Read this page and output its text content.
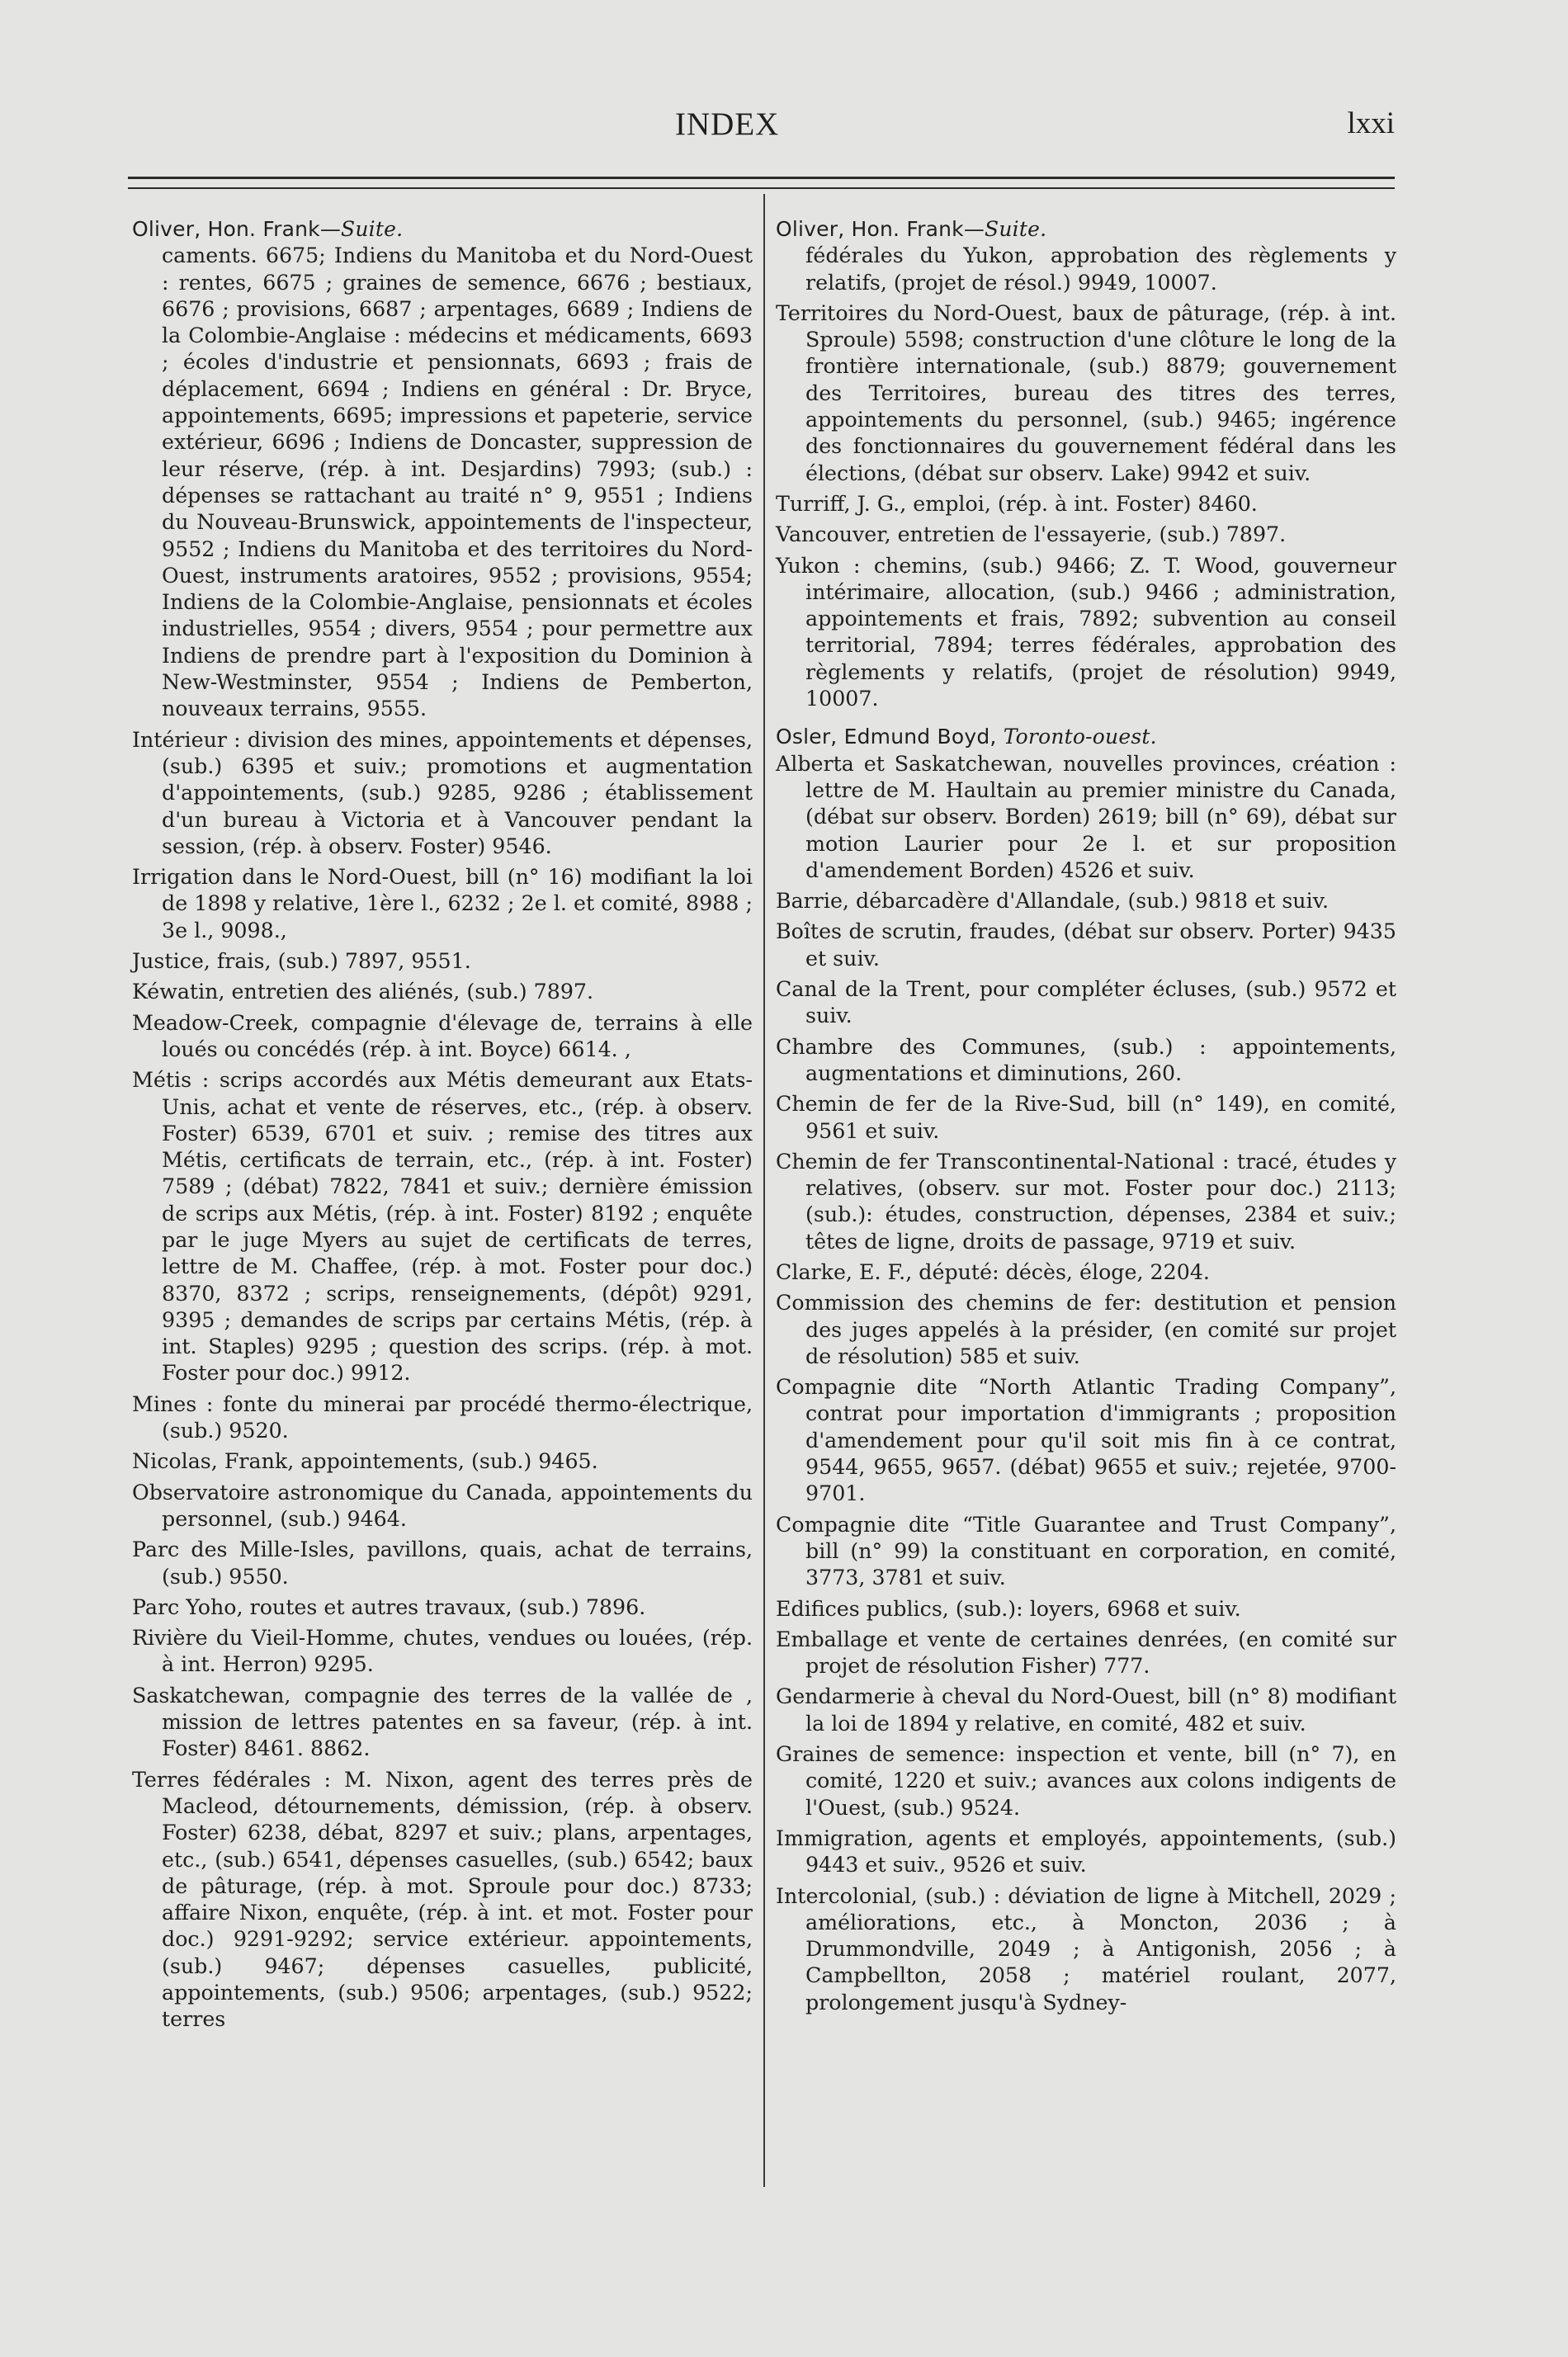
INDEX	lxxi
Oliver, Hon. Frank—Suite.

caments. 6675; Indiens du Manitoba et du Nord-Ouest : rentes, 6675 ; graines de semence, 6676 ; bestiaux, 6676 ; provisions, 6687 ; arpentages, 6689 ; Indiens de la Colombie-Anglaise : médecins et médicaments, 6693 ; écoles d'industrie et pensionnats, 6693 ; frais de déplacement, 6694 ; Indiens en général : Dr. Bryce, appointements, 6695; impressions et papeterie, service extérieur, 6696 ; Indiens de Doncaster, suppression de leur réserve, (rép. à int. Desjardins) 7993; (sub.) : dépenses se rattachant au traité n° 9, 9551 ; Indiens du Nouveau-Brunswick, appointements de l'inspecteur, 9552 ; Indiens du Manitoba et des territoires du Nord-Ouest, instruments aratoires, 9552 ; provisions, 9554; Indiens de la Colombie-Anglaise, pensionnats et écoles industrielles, 9554 ; divers, 9554 ; pour permettre aux Indiens de prendre part à l'exposition du Dominion à New-Westminster, 9554 ; Indiens de Pemberton, nouveaux terrains, 9555.

Intérieur : division des mines, appointements et dépenses, (sub.) 6395 et suiv.; promotions et augmentation d'appointements, (sub.) 9285, 9286 ; établissement d'un bureau à Victoria et à Vancouver pendant la session, (rép. à observ. Foster) 9546.

Irrigation dans le Nord-Ouest, bill (n° 16) modifiant la loi de 1898 y relative, 1ère l., 6232 ; 2e l. et comité, 8988 ; 3e l., 9098.,

Justice, frais, (sub.) 7897, 9551.

Kéwatin, entretien des aliénés, (sub.) 7897.

Meadow-Creek, compagnie d'élevage de, terrains à elle loués ou concédés (rép. à int. Boyce) 6614. ,

Métis : scrips accordés aux Métis demeurant aux Etats-Unis, achat et vente de réserves, etc., (rép. à observ. Foster) 6539, 6701 et suiv. ; remise des titres aux Métis, certificats de terrain, etc., (rép. à int. Foster) 7589 ; (débat) 7822, 7841 et suiv.; dernière émission de scrips aux Métis, (rép. à int. Foster) 8192 ; enquête par le juge Myers au sujet de certificats de terres, lettre de M. Chaffee, (rép. à mot. Foster pour doc.) 8370, 8372 ; scrips, renseignements, (dépôt) 9291, 9395 ; demandes de scrips par certains Métis, (rép. à int. Staples) 9295 ; question des scrips. (rép. à mot. Foster pour doc.) 9912.

Mines : fonte du minerai par procédé thermo-électrique, (sub.) 9520.

Nicolas, Frank, appointements, (sub.) 9465.

Observatoire astronomique du Canada, appointements du personnel, (sub.) 9464.

Parc des Mille-Isles, pavillons, quais, achat de terrains, (sub.) 9550.

Parc Yoho, routes et autres travaux, (sub.) 7896.

Rivière du Vieil-Homme, chutes, vendues ou louées, (rép. à int. Herron) 9295.

Saskatchewan, compagnie des terres de la vallée de , mission de lettres patentes en sa faveur, (rép. à int. Foster) 8461. 8862.

Terres fédérales : M. Nixon, agent des terres près de Macleod, détournements, démission, (rép. à observ. Foster) 6238, débat, 8297 et suiv.; plans, arpentages, etc., (sub.) 6541, dépenses casuelles, (sub.) 6542; baux de pâturage, (rép. à mot. Sproule pour doc.) 8733; affaire Nixon, enquête, (rép. à int. et mot. Foster pour doc.) 9291-9292; service extérieur. appointements, (sub.) 9467; dépenses casuelles, publicité, appointements, (sub.) 9506; arpentages, (sub.) 9522; terres

Oliver, Hon. Frank—Suite.

fédérales du Yukon, approbation des règlements y relatifs, (projet de résol.) 9949, 10007.

Territoires du Nord-Ouest, baux de pâturage, (rép. à int. Sproule) 5598; construction d'une clôture le long de la frontière internationale, (sub.) 8879; gouvernement des Territoires, bureau des titres des terres, appointements du personnel, (sub.) 9465; ingérence des fonctionnaires du gouvernement fédéral dans les élections, (débat sur observ. Lake) 9942 et suiv.

Turriff, J. G., emploi, (rép. à int. Foster) 8460.

Vancouver, entretien de l'essayerie, (sub.) 7897.

Yukon : chemins, (sub.) 9466; Z. T. Wood, gouverneur intérimaire, allocation, (sub.) 9466 ; administration, appointements et frais, 7892; subvention au conseil territorial, 7894; terres fédérales, approbation des règlements y relatifs, (projet de résolution) 9949, 10007.

Osler, Edmund Boyd, Toronto-ouest.

Alberta et Saskatchewan, nouvelles provinces, création : lettre de M. Haultain au premier ministre du Canada, (débat sur observ. Borden) 2619; bill (n° 69), débat sur motion Laurier pour 2e l. et sur proposition d'amendement Borden) 4526 et suiv.

Barrie, débarcadère d'Allandale, (sub.) 9818 et suiv.

Boîtes de scrutin, fraudes, (débat sur observ. Porter) 9435 et suiv.

Canal de la Trent, pour compléter écluses, (sub.) 9572 et suiv.

Chambre des Communes, (sub.) : appointements, augmentations et diminutions, 260.

Chemin de fer de la Rive-Sud, bill (n° 149), en comité, 9561 et suiv.

Chemin de fer Transcontinental-National : tracé, études y relatives, (observ. sur mot. Foster pour doc.) 2113; (sub.): études, construction, dépenses, 2384 et suiv.; têtes de ligne, droits de passage, 9719 et suiv.

Clarke, E. F., député: décès, éloge, 2204.

Commission des chemins de fer: destitution et pension des juges appelés à la présider, (en comité sur projet de résolution) 585 et suiv.

Compagnie dite “North Atlantic Trading Company”, contrat pour importation d'immigrants ; proposition d'amendement pour qu'il soit mis fin à ce contrat, 9544, 9655, 9657. (débat) 9655 et suiv.; rejetée, 9700-9701.

Compagnie dite “Title Guarantee and Trust Company”, bill (n° 99) la constituant en corporation, en comité, 3773, 3781 et suiv.

Edifices publics, (sub.): loyers, 6968 et suiv.

Emballage et vente de certaines denrées, (en comité sur projet de résolution Fisher) 777.

Gendarmerie à cheval du Nord-Ouest, bill (n° 8) modifiant la loi de 1894 y relative, en comité, 482 et suiv.

Graines de semence: inspection et vente, bill (n° 7), en comité, 1220 et suiv.; avances aux colons indigents de l'Ouest, (sub.) 9524.

Immigration, agents et employés, appointements, (sub.) 9443 et suiv., 9526 et suiv.

Intercolonial, (sub.) : déviation de ligne à Mitchell, 2029 ; améliorations, etc., à Moncton, 2036 ; à Drummondville, 2049 ; à Antigonish, 2056 ; à Campbellton, 2058 ; matériel roulant, 2077, prolongement jusqu'à Sydney-
